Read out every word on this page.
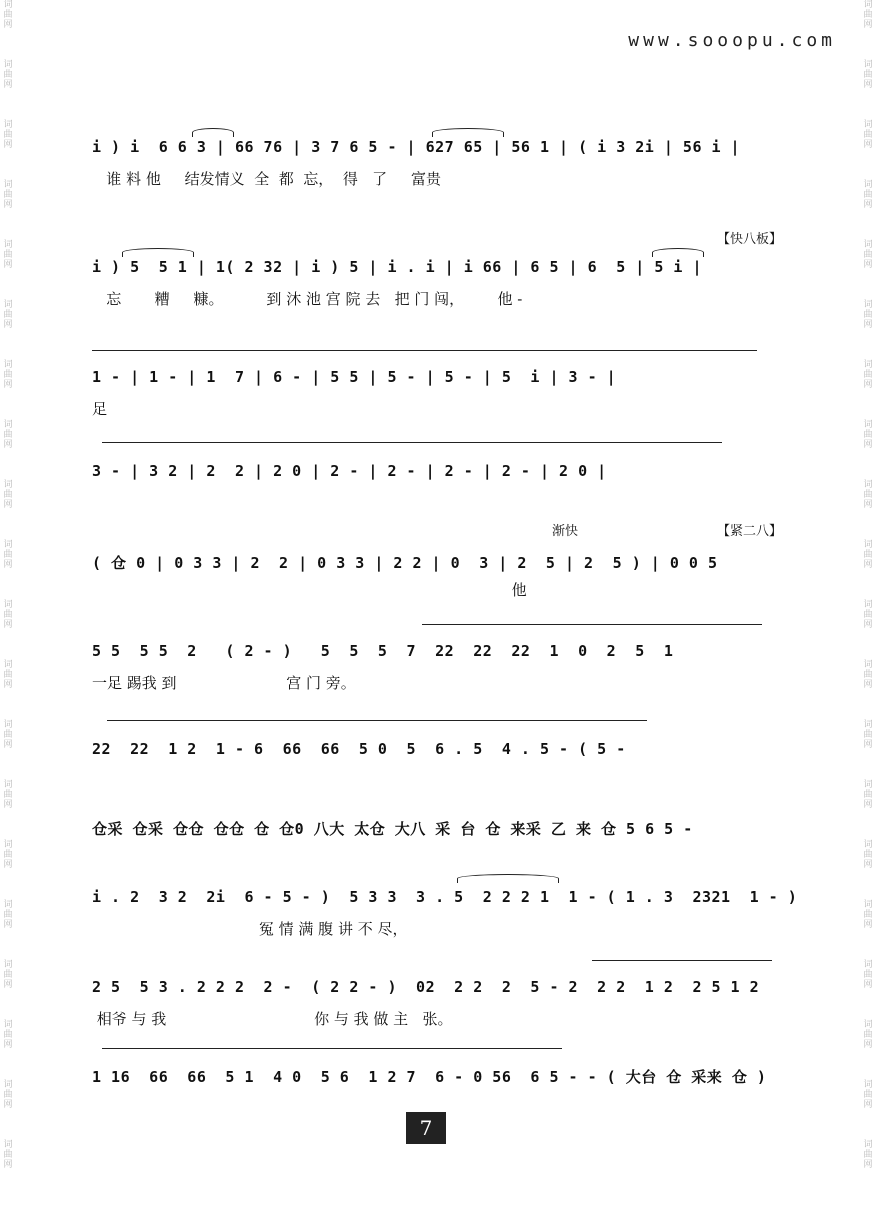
词
曲
网
词
曲
网
词
曲
网
词
曲
网
词
曲
网
词
曲
网
词
曲
网
词
曲
网
词
曲
网
词
曲
网
词
曲
网
词
曲
网
词
曲
网
词
曲
网
词
曲
网
词
曲
网
词
曲
网
词
曲
网
词
曲
网
词
曲
网
词
曲
网
词
曲
网
词
曲
网
词
曲
网
词
曲
网
词
曲
网
词
曲
网
词
曲
网
词
曲
网
词
曲
网
词
曲
网
词
曲
网
词
曲
网
词
曲
网
词
曲
网
词
曲
网
词
曲
网
词
曲
网
词
曲
网
词
曲
网
www.sooopu.com
i ) i  6 6 3 | 66 76 | 3 7 6 5 - | 627 65 | 56 1 | ( i 3 2i | 56 i |
谁 料 他     结发情义  全  都  忘，  得   了     富贵
【快八板】
i ) 5  5 1 | 1( 2 32 | i ) 5 | i . i | i 66 | 6 5 | 6  5 | 5 i |
忘       糟     糠。         到 沐 池 宫 院 去   把 门 闯，       他 -
1 - | 1 - | 1  7 | 6 - | 5 5 | 5 - | 5 - | 5  i | 3 - |
足
3 - | 3 2 | 2  2 | 2 0 | 2 - | 2 - | 2 - | 2 - | 2 0 |
渐快	【紧二八】
( 仓 0 | 0 3 3 | 2  2 | 0 3 3 | 2 2 | 0  3 | 2  5 | 2  5 ) | 0 0 5
他
5 5  5 5  2   ( 2 - )   5  5  5  7  22  22  22  1  0  2  5  1
一足 踢我 到                       宫 门 旁。
22  22  1 2  1 - 6  66  66  5 0  5  6 . 5  4 . 5 - ( 5 -
仓采 仓采 仓仓 仓仓 仓 仓0 八大 太仓 大八 采 台 仓 来采 乙 来 仓 5 6 5 -
i . 2  3 2  2i  6 - 5 - )  5 3 3  3 . 5  2 2 2 1  1 - ( 1 . 3  2321  1 - )
冤 情 满 腹 讲 不 尽，
2 5  5 3 . 2 2 2  2 -  ( 2 2 - )  02  2 2  2  5 - 2  2 2  1 2  2 5 1 2
相爷 与 我                               你 与 我 做 主   张。
1 16  66  66  5 1  4 0  5 6  1 2 7  6 - 0 56  6 5 - - ( 大台 仓 采来 仓 )
7
